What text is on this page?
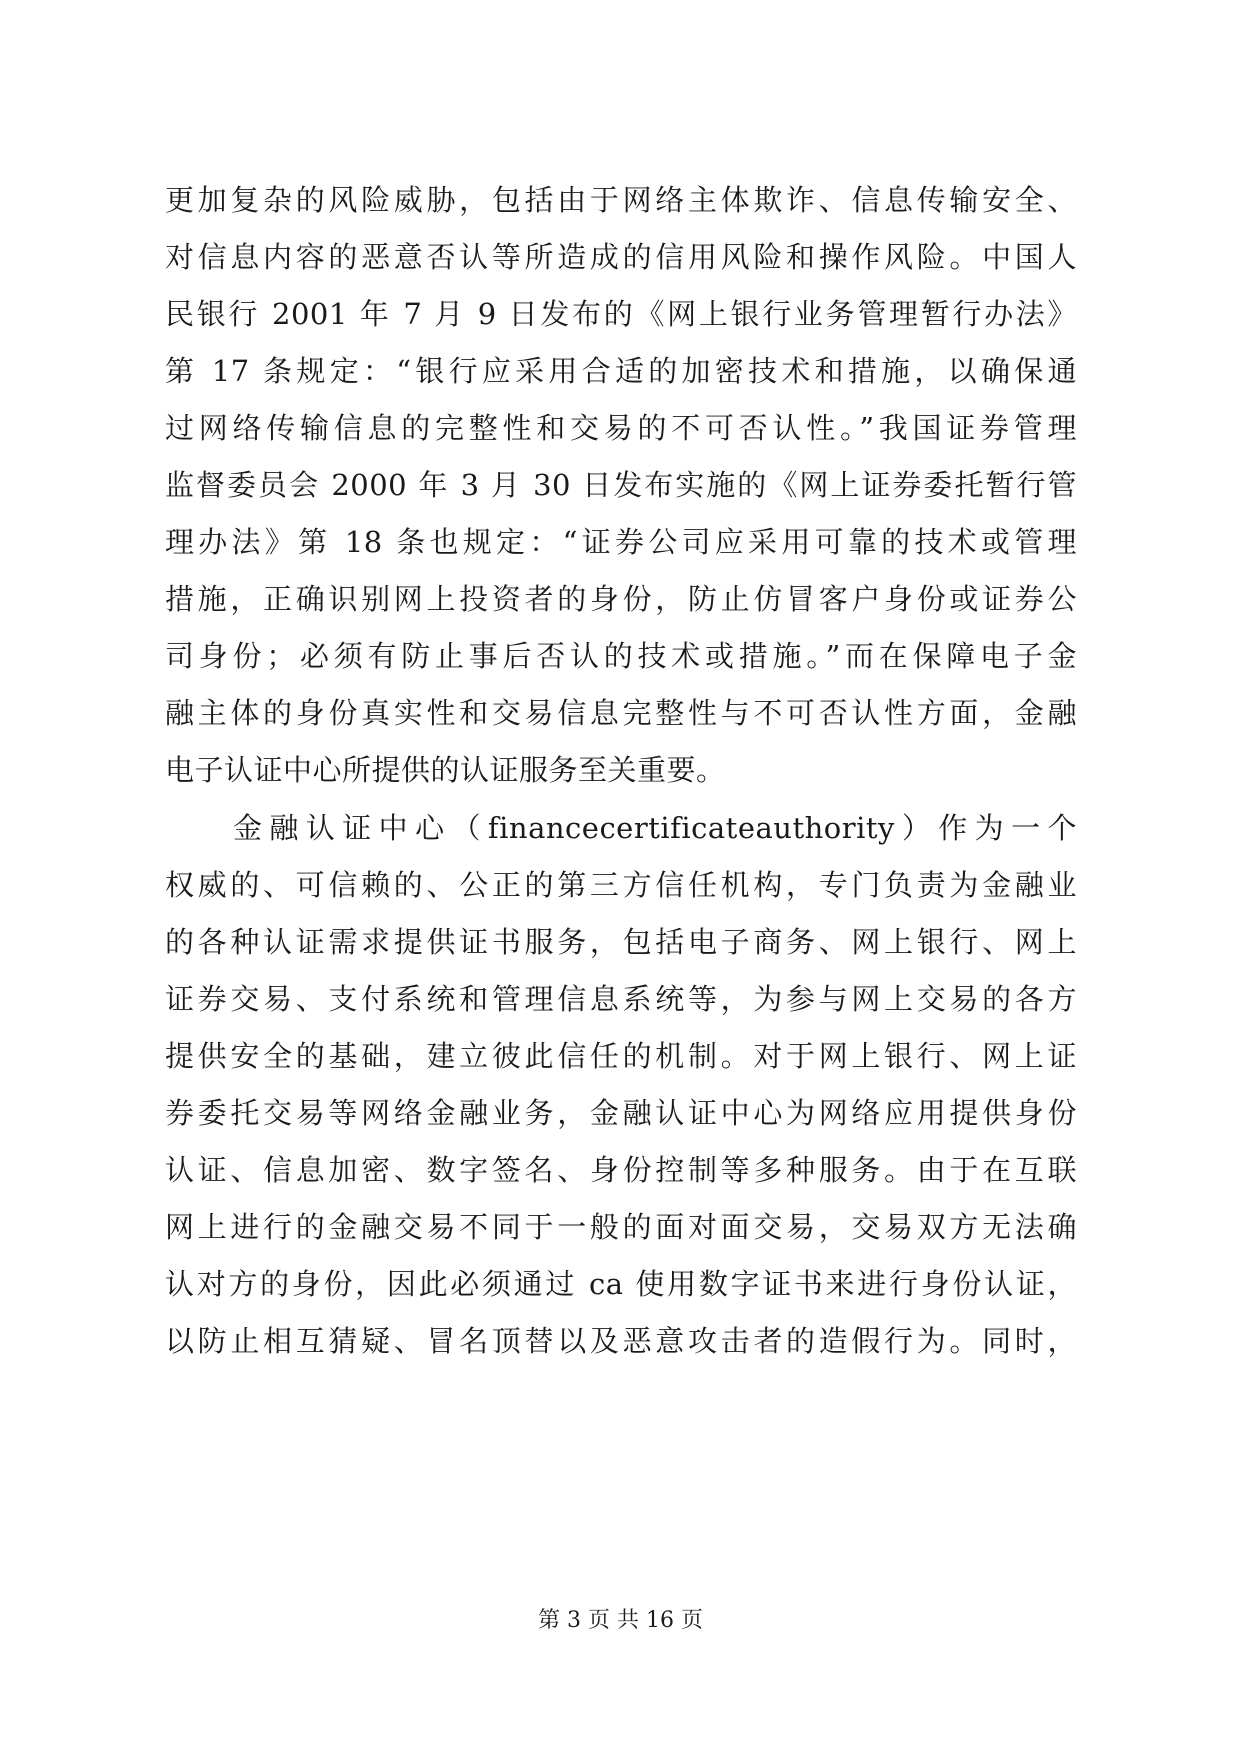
更加复杂的风险威胁，包括由于网络主体欺诈、信息传输安全、
对信息内容的恶意否认等所造成的信用风险和操作风险。中国人
民银行 2001 年 7 月 9 日发布的《网上银行业务管理暂行办法》
第 17 条规定：“银行应采用合适的加密技术和措施，以确保通
过网络传输信息的完整性和交易的不可否认性。”我国证券管理
监督委员会 2000 年 3 月 30 日发布实施的《网上证券委托暂行管
理办法》第 18 条也规定：“证券公司应采用可靠的技术或管理
措施，正确识别网上投资者的身份，防止仿冒客户身份或证券公
司身份；必须有防止事后否认的技术或措施。”而在保障电子金
融主体的身份真实性和交易信息完整性与不可否认性方面，金融
电子认证中心所提供的认证服务至关重要。
金融认证中心（financecertificateauthority）作为一个
权威的、可信赖的、公正的第三方信任机构，专门负责为金融业
的各种认证需求提供证书服务，包括电子商务、网上银行、网上
证券交易、支付系统和管理信息系统等，为参与网上交易的各方
提供安全的基础，建立彼此信任的机制。对于网上银行、网上证
券委托交易等网络金融业务，金融认证中心为网络应用提供身份
认证、信息加密、数字签名、身份控制等多种服务。由于在互联
网上进行的金融交易不同于一般的面对面交易，交易双方无法确
认对方的身份，因此必须通过 ca 使用数字证书来进行身份认证，
以防止相互猜疑、冒名顶替以及恶意攻击者的造假行为。同时，
第 3 页 共 16 页
